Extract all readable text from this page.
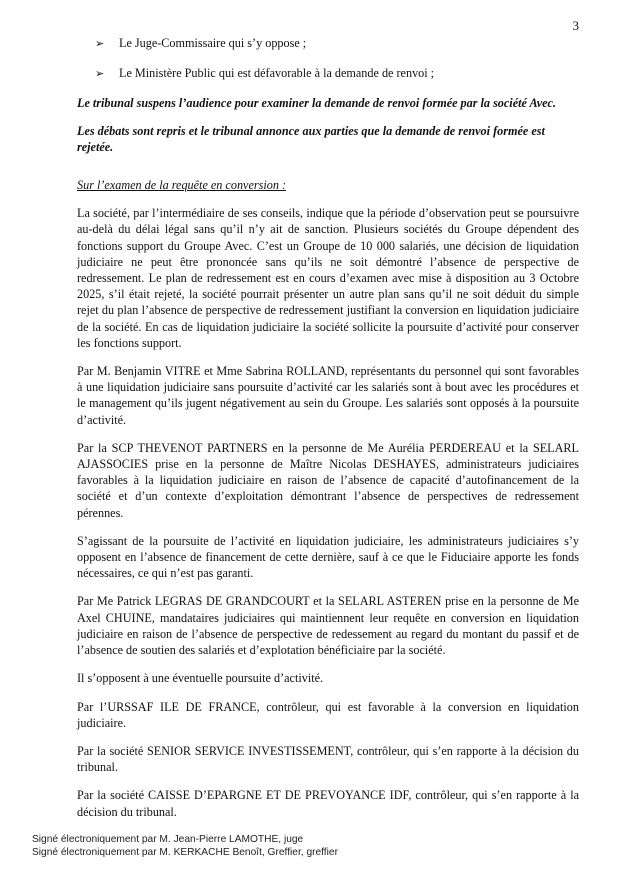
3
➢	Le Juge-Commissaire qui s’y oppose ;
➢	Le Ministère Public qui est défavorable à la demande de renvoi ;

Le tribunal suspens l’audience pour examiner la demande de renvoi formée par la société Avec.

Les débats sont repris et le tribunal annonce aux parties que la demande de renvoi formée est rejetée.

Sur l’examen de la requête en conversion :

La société, par l’intermédiaire de ses conseils, indique que la période d’observation peut se poursuivre au-delà du délai légal sans qu’il n’y ait de sanction. Plusieurs sociétés du Groupe dépendent des fonctions support du Groupe Avec. C’est un Groupe de 10 000 salariés, une décision de liquidation judiciaire ne peut être prononcée sans qu’ils ne soit démontré l’absence de perspective de redressement. Le plan de redressement est en cours d’examen avec mise à disposition au 3 Octobre 2025, s’il était rejeté, la société pourrait présenter un autre plan sans qu’il ne soit déduit du simple rejet du plan l’absence de perspective de redressement justifiant la conversion en liquidation judiciaire de la société. En cas de liquidation judiciaire la société sollicite la poursuite d’activité pour conserver les fonctions support.

Par M. Benjamin VITRE et Mme Sabrina ROLLAND, représentants du personnel qui sont favorables à une liquidation judiciaire sans poursuite d’activité car les salariés sont à bout avec les procédures et le management qu’ils jugent négativement au sein du Groupe. Les salariés sont opposés à la poursuite d’activité.

Par la SCP THEVENOT PARTNERS en la personne de Me Aurélia PERDEREAU et la SELARL AJASSOCIES prise en la personne de Maître Nicolas DESHAYES, administrateurs judiciaires favorables à la liquidation judiciaire en raison de l’absence de capacité d’autofinancement de la société et d’un contexte d’exploitation démontrant l’absence de perspectives de redressement pérennes.

S’agissant de la poursuite de l’activité en liquidation judiciaire, les administrateurs judiciaires s’y opposent en l’absence de financement de cette dernière, sauf à ce que le Fiduciaire apporte les fonds nécessaires, ce qui n’est pas garanti.

Par Me Patrick LEGRAS DE GRANDCOURT et la SELARL ASTEREN prise en la personne de Me Axel CHUINE, mandataires judiciaires qui maintiennent leur requête en conversion en liquidation judiciaire en raison de l’absence de perspective de redessement au regard du montant du passif et de l’absence de soutien des salariés et d’explotation bénéficiaire par la société.

Il s’opposent à une éventuelle poursuite d’activité.

Par l’URSSAF ILE DE FRANCE, contrôleur, qui est favorable à la conversion en liquidation judiciaire.

Par la société SENIOR SERVICE INVESTISSEMENT, contrôleur, qui s’en rapporte à la décision du tribunal.

Par la société CAISSE D’EPARGNE ET DE PREVOYANCE IDF, contrôleur, qui s’en rapporte à la décision du tribunal.

Signé électroniquement par M. Jean-Pierre LAMOTHE, juge
Signé électroniquement par M. KERKACHE Benoît, Greffier, greffier
